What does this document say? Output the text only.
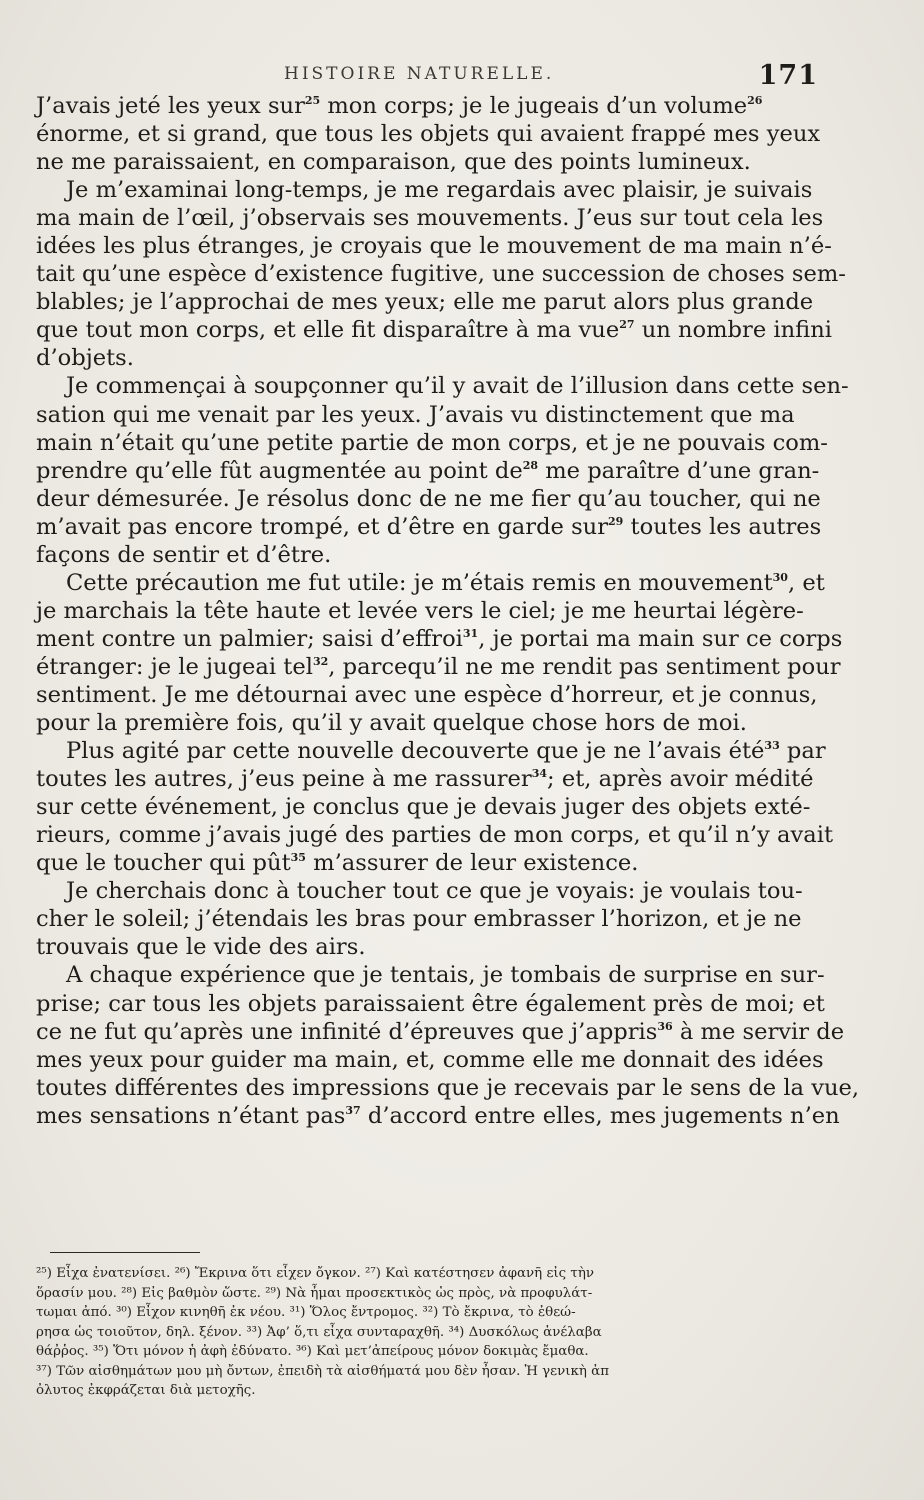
HISTOIRE NATURELLE.	171
J’avais jeté les yeux sur$^{25}$ mon corps; je le jugeais d’un volume$^{26}$
énorme, et si grand, que tous les objets qui avaient frappé mes yeux
ne me paraissaient, en comparaison, que des points lumineux.
Je m’examinai long-temps, je me regardais avec plaisir, je suivais
ma main de l’œil, j’observais ses mouvements. J’eus sur tout cela les
idées les plus étranges, je croyais que le mouvement de ma main n’é-
tait qu’une espèce d’existence fugitive, une succession de choses sem-
blables; je l’approchai de mes yeux; elle me parut alors plus grande
que tout mon corps, et elle fit disparaître à ma vue$^{27}$ un nombre infini
d’objets.
Je commençai à soupçonner qu’il y avait de l’illusion dans cette sen-
sation qui me venait par les yeux. J’avais vu distinctement que ma
main n’était qu’une petite partie de mon corps, et je ne pouvais com-
prendre qu’elle fût augmentée au point de$^{28}$ me paraître d’une gran-
deur démesurée. Je résolus donc de ne me fier qu’au toucher, qui ne
m’avait pas encore trompé, et d’être en garde sur$^{29}$ toutes les autres
façons de sentir et d’être.
Cette précaution me fut utile: je m’étais remis en mouvement$^{30}$, et
je marchais la tête haute et levée vers le ciel; je me heurtai légère-
ment contre un palmier; saisi d’effroi$^{31}$, je portai ma main sur ce corps
étranger: je le jugeai tel$^{32}$, parcequ’il ne me rendit pas sentiment pour
sentiment. Je me détournai avec une espèce d’horreur, et je connus,
pour la première fois, qu’il y avait quelque chose hors de moi.
Plus agité par cette nouvelle decouverte que je ne l’avais été$^{33}$ par
toutes les autres, j’eus peine à me rassurer$^{34}$; et, après avoir médité
sur cette événement, je conclus que je devais juger des objets exté-
rieurs, comme j’avais jugé des parties de mon corps, et qu’il n’y avait
que le toucher qui pût$^{35}$ m’assurer de leur existence.
Je cherchais donc à toucher tout ce que je voyais: je voulais tou-
cher le soleil; j’étendais les bras pour embrasser l’horizon, et je ne
trouvais que le vide des airs.
A chaque expérience que je tentais, je tombais de surprise en sur-
prise; car tous les objets paraissaient être également près de moi; et
ce ne fut qu’après une infinité d’épreuves que j’appris$^{36}$ à me servir de
mes yeux pour guider ma main, et, comme elle me donnait des idées
toutes différentes des impressions que je recevais par le sens de la vue,
mes sensations n’étant pas$^{37}$ d’accord entre elles, mes jugements n’en
²⁵) Εἶχα ἐνατενίσει. ²⁶) Ἔκρινα ὅτι εἶχεν ὄγκον. ²⁷) Καὶ κατέστησεν ἀφανῆ εἰς τὴν
ὅρασίν μου. ²⁸) Εἰς βαθμὸν ὥστε. ²⁹) Νὰ ἦμαι προσεκτικὸς ὡς πρὸς, νὰ προφυλάτ-
τωμαι ἀπό. ³⁰) Εἶχον κινηθῆ ἐκ νέου. ³¹) Ὅλος ἔντρομος. ³²) Τὸ ἔκρινα, τὸ ἐθεώ-
ρησα ὡς τοιοῦτον, δηλ. ξένον. ³³) Ἀφ’ ὅ,τι εἶχα συνταραχθῆ. ³⁴) Δυσκόλως ἀνέλαβα
θάῤῥος. ³⁵) Ὅτι μόνον ἡ ἀφὴ ἐδύνατο. ³⁶) Καὶ μετ’ἀπείρους μόνον δοκιμὰς ἔμαθα.
³⁷) Τῶν αἰσθημάτων μου μὴ ὄντων, ἐπειδὴ τὰ αἰσθήματά μου δὲν ἦσαν. Ἡ γενικὴ ἀπ
ὀλυτος ἐκφράζεται διὰ μετοχῆς.
